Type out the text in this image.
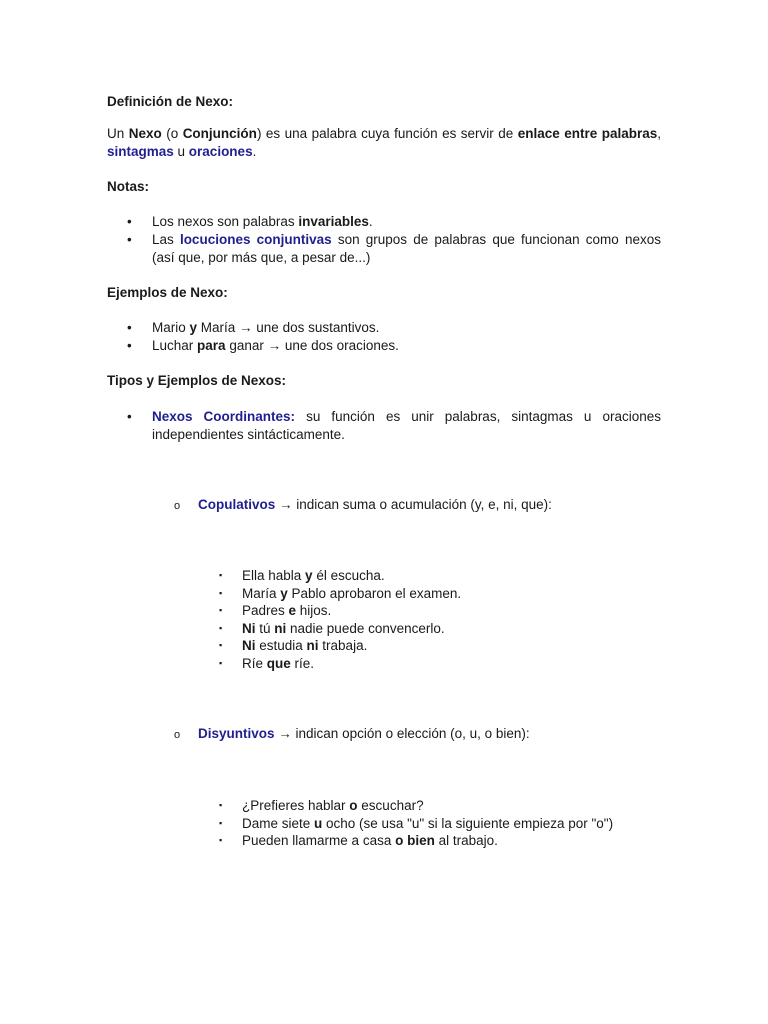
Definición de Nexo:

Un Nexo (o Conjunción) es una palabra cuya función es servir de enlace entre palabras, sintagmas u oraciones.

Notas:

• Los nexos son palabras invariables.
• Las locuciones conjuntivas son grupos de palabras que funcionan como nexos (así que, por más que, a pesar de...)

Ejemplos de Nexo:

• Mario y María → une dos sustantivos.
• Luchar para ganar → une dos oraciones.

Tipos y Ejemplos de Nexos:

• Nexos Coordinantes: su función es unir palabras, sintagmas u oraciones independientes sintácticamente.
o Copulativos → indican suma o acumulación (y, e, ni, que):
▪ Ella habla y él escucha.
▪ María y Pablo aprobaron el examen.
▪ Padres e hijos.
▪ Ni tú ni nadie puede convencerlo.
▪ Ni estudia ni trabaja.
▪ Ríe que ríe.
o Disyuntivos → indican opción o elección (o, u, o bien):
▪ ¿Prefieres hablar o escuchar?
▪ Dame siete u ocho (se usa "u" si la siguiente empieza por "o")
▪ Pueden llamarme a casa o bien al trabajo.
